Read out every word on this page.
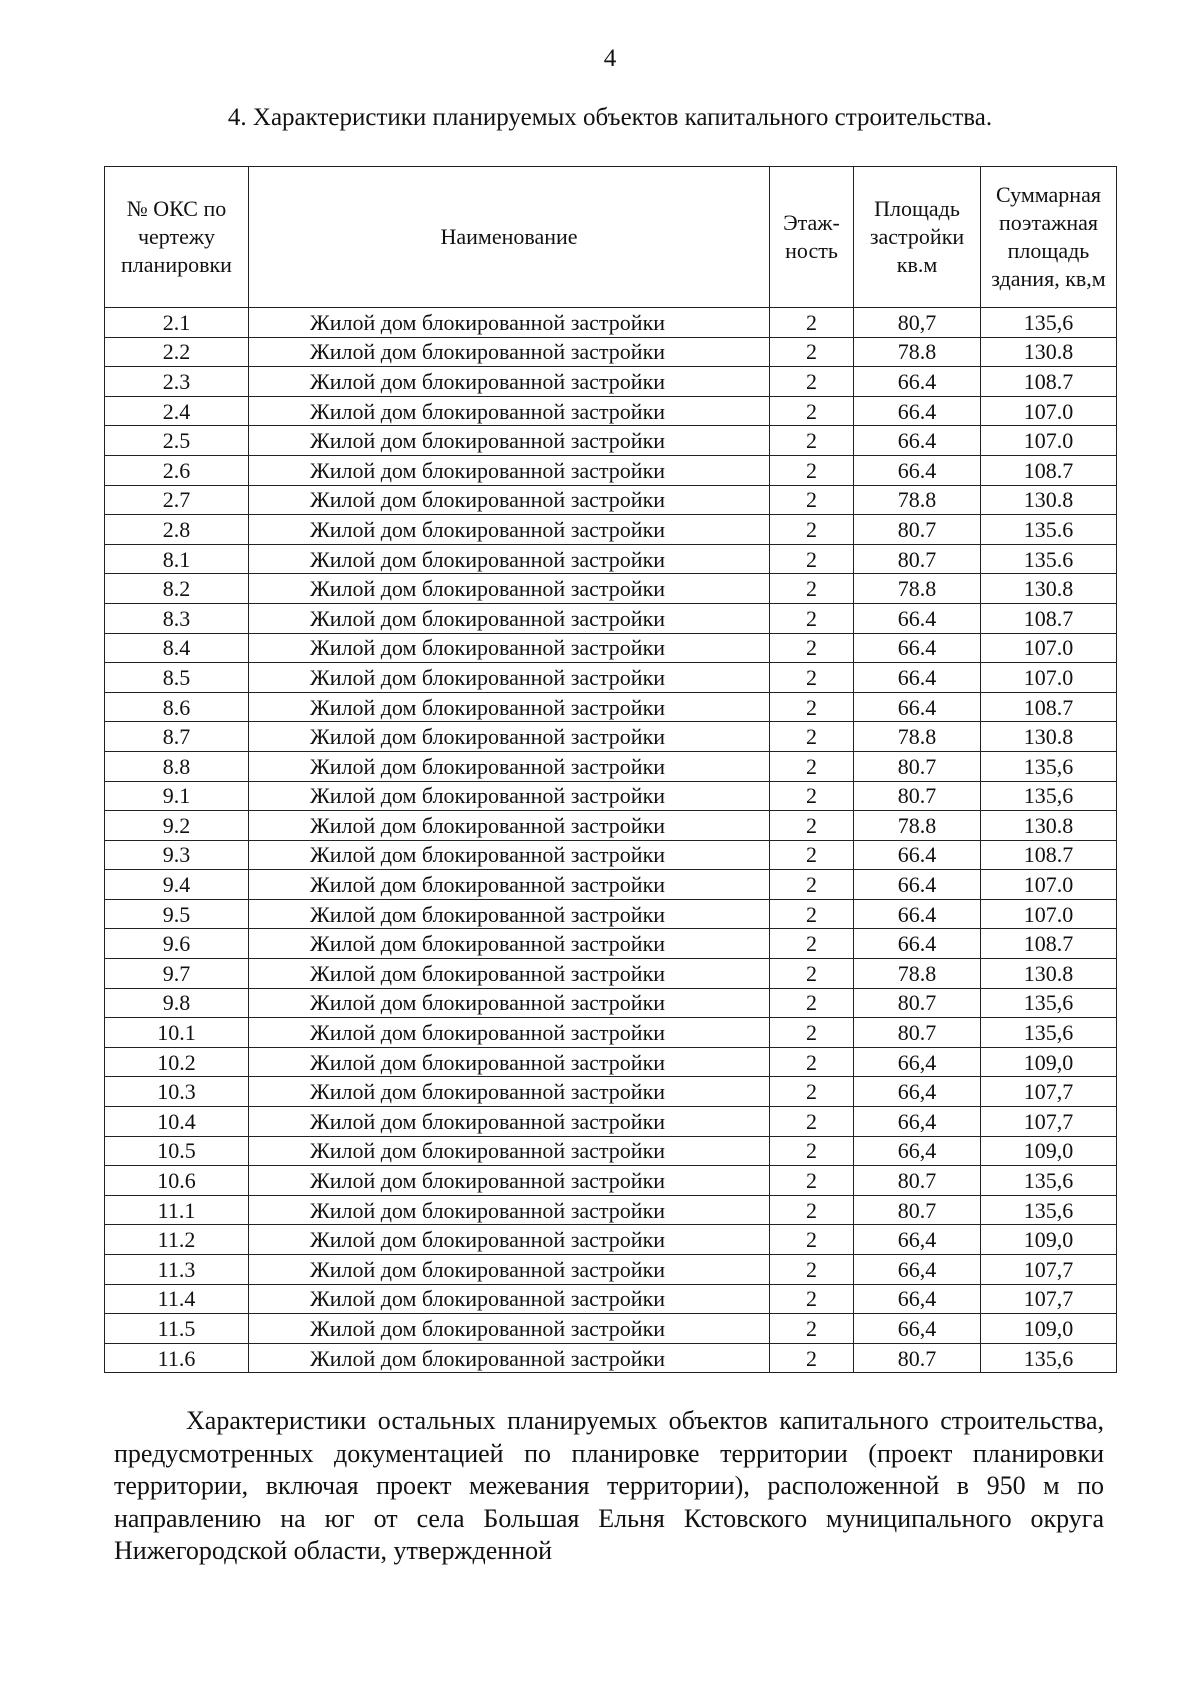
4
4. Характеристики планируемых объектов капитального строительства.
№ ОКС по чертежу планировки	Наименование	Этаж-ность	Площадь застройки кв.м	Суммарная поэтажная площадь здания, кв,м
2.1	Жилой дом блокированной застройки	2	80,7	135,6
2.2	Жилой дом блокированной застройки	2	78.8	130.8
2.3	Жилой дом блокированной застройки	2	66.4	108.7
2.4	Жилой дом блокированной застройки	2	66.4	107.0
2.5	Жилой дом блокированной застройки	2	66.4	107.0
2.6	Жилой дом блокированной застройки	2	66.4	108.7
2.7	Жилой дом блокированной застройки	2	78.8	130.8
2.8	Жилой дом блокированной застройки	2	80.7	135.6
8.1	Жилой дом блокированной застройки	2	80.7	135.6
8.2	Жилой дом блокированной застройки	2	78.8	130.8
8.3	Жилой дом блокированной застройки	2	66.4	108.7
8.4	Жилой дом блокированной застройки	2	66.4	107.0
8.5	Жилой дом блокированной застройки	2	66.4	107.0
8.6	Жилой дом блокированной застройки	2	66.4	108.7
8.7	Жилой дом блокированной застройки	2	78.8	130.8
8.8	Жилой дом блокированной застройки	2	80.7	135,6
9.1	Жилой дом блокированной застройки	2	80.7	135,6
9.2	Жилой дом блокированной застройки	2	78.8	130.8
9.3	Жилой дом блокированной застройки	2	66.4	108.7
9.4	Жилой дом блокированной застройки	2	66.4	107.0
9.5	Жилой дом блокированной застройки	2	66.4	107.0
9.6	Жилой дом блокированной застройки	2	66.4	108.7
9.7	Жилой дом блокированной застройки	2	78.8	130.8
9.8	Жилой дом блокированной застройки	2	80.7	135,6
10.1	Жилой дом блокированной застройки	2	80.7	135,6
10.2	Жилой дом блокированной застройки	2	66,4	109,0
10.3	Жилой дом блокированной застройки	2	66,4	107,7
10.4	Жилой дом блокированной застройки	2	66,4	107,7
10.5	Жилой дом блокированной застройки	2	66,4	109,0
10.6	Жилой дом блокированной застройки	2	80.7	135,6
11.1	Жилой дом блокированной застройки	2	80.7	135,6
11.2	Жилой дом блокированной застройки	2	66,4	109,0
11.3	Жилой дом блокированной застройки	2	66,4	107,7
11.4	Жилой дом блокированной застройки	2	66,4	107,7
11.5	Жилой дом блокированной застройки	2	66,4	109,0
11.6	Жилой дом блокированной застройки	2	80.7	135,6
Характеристики остальных планируемых объектов капитального строительства, предусмотренных документацией по планировке территории (проект планировки территории, включая проект межевания территории), расположенной в 950 м по направлению на юг от села Большая Ельня Кстовского муниципального округа Нижегородской области, утвержденной
